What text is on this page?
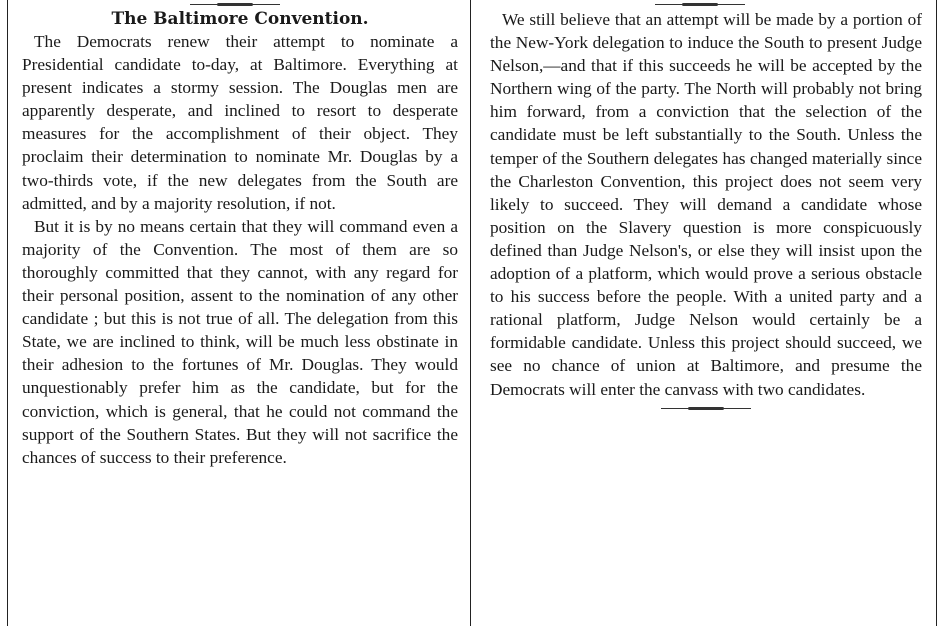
The Baltimore Convention.

The Democrats renew their attempt to nominate a Presidential candidate to-day, at Baltimore. Everything at present indicates a stormy session. The Douglas men are apparently desperate, and inclined to resort to desperate measures for the accomplishment of their object. They proclaim their determination to nominate Mr. Douglas by a two-thirds vote, if the new delegates from the South are admitted, and by a majority resolution, if not.

But it is by no means certain that they will command even a majority of the Convention. The most of them are so thoroughly committed that they cannot, with any regard for their personal position, assent to the nomination of any other candidate ; but this is not true of all. The delegation from this State, we are inclined to think, will be much less obstinate in their adhesion to the fortunes of Mr. Douglas. They would unquestionably prefer him as the candidate, but for the conviction, which is general, that he could not command the support of the Southern States. But they will not sacrifice the chances of success to their preference.

We still believe that an attempt will be made by a portion of the New-York delegation to induce the South to present Judge Nelson,—and that if this succeeds he will be accepted by the Northern wing of the party. The North will probably not bring him forward, from a conviction that the selection of the candidate must be left substantially to the South. Unless the temper of the Southern delegates has changed materially since the Charleston Convention, this project does not seem very likely to succeed. They will demand a candidate whose position on the Slavery question is more conspicuously defined than Judge Nelson's, or else they will insist upon the adoption of a platform, which would prove a serious obstacle to his success before the people. With a united party and a rational platform, Judge Nelson would certainly be a formidable candidate. Unless this project should succeed, we see no chance of union at Baltimore, and presume the Democrats will enter the canvass with two candidates.
